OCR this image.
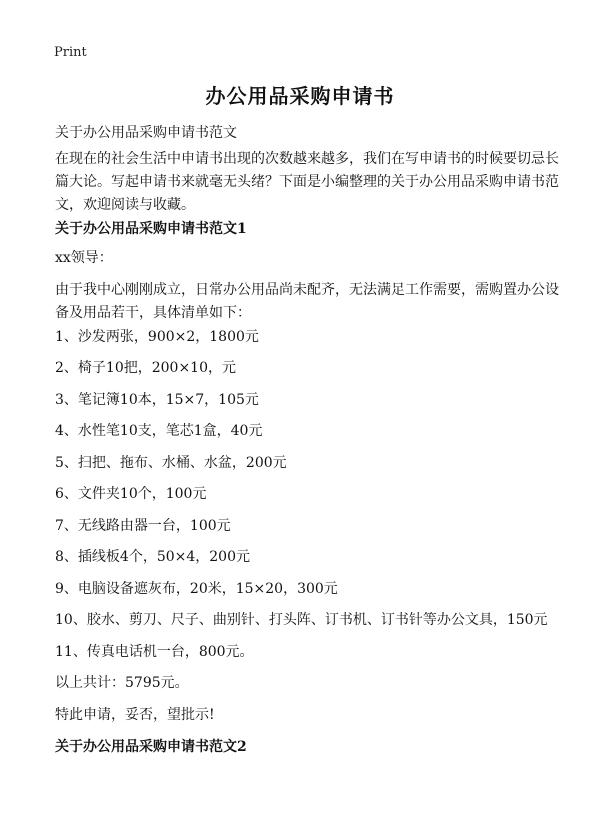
Print
办公用品采购申请书
关于办公用品采购申请书范文
在现在的社会生活中申请书出现的次数越来越多，我们在写申请书的时候要切忌长篇大论。写起申请书来就毫无头绪？下面是小编整理的关于办公用品采购申请书范文，欢迎阅读与收藏。
关于办公用品采购申请书范文1
xx领导：
由于我中心刚刚成立，日常办公用品尚未配齐，无法满足工作需要，需购置办公设备及用品若干，具体清单如下：
1、沙发两张，900×2，1800元
2、椅子10把，200×10，元
3、笔记簿10本，15×7，105元
4、水性笔10支，笔芯1盒，40元
5、扫把、拖布、水桶、水盆，200元
6、文件夹10个，100元
7、无线路由器一台，100元
8、插线板4个，50×4，200元
9、电脑设备遮灰布，20米，15×20，300元
10、胶水、剪刀、尺子、曲别针、打头阵、订书机、订书针等办公文具，150元
11、传真电话机一台，800元。
以上共计：5795元。
特此申请，妥否，望批示!
关于办公用品采购申请书范文2
